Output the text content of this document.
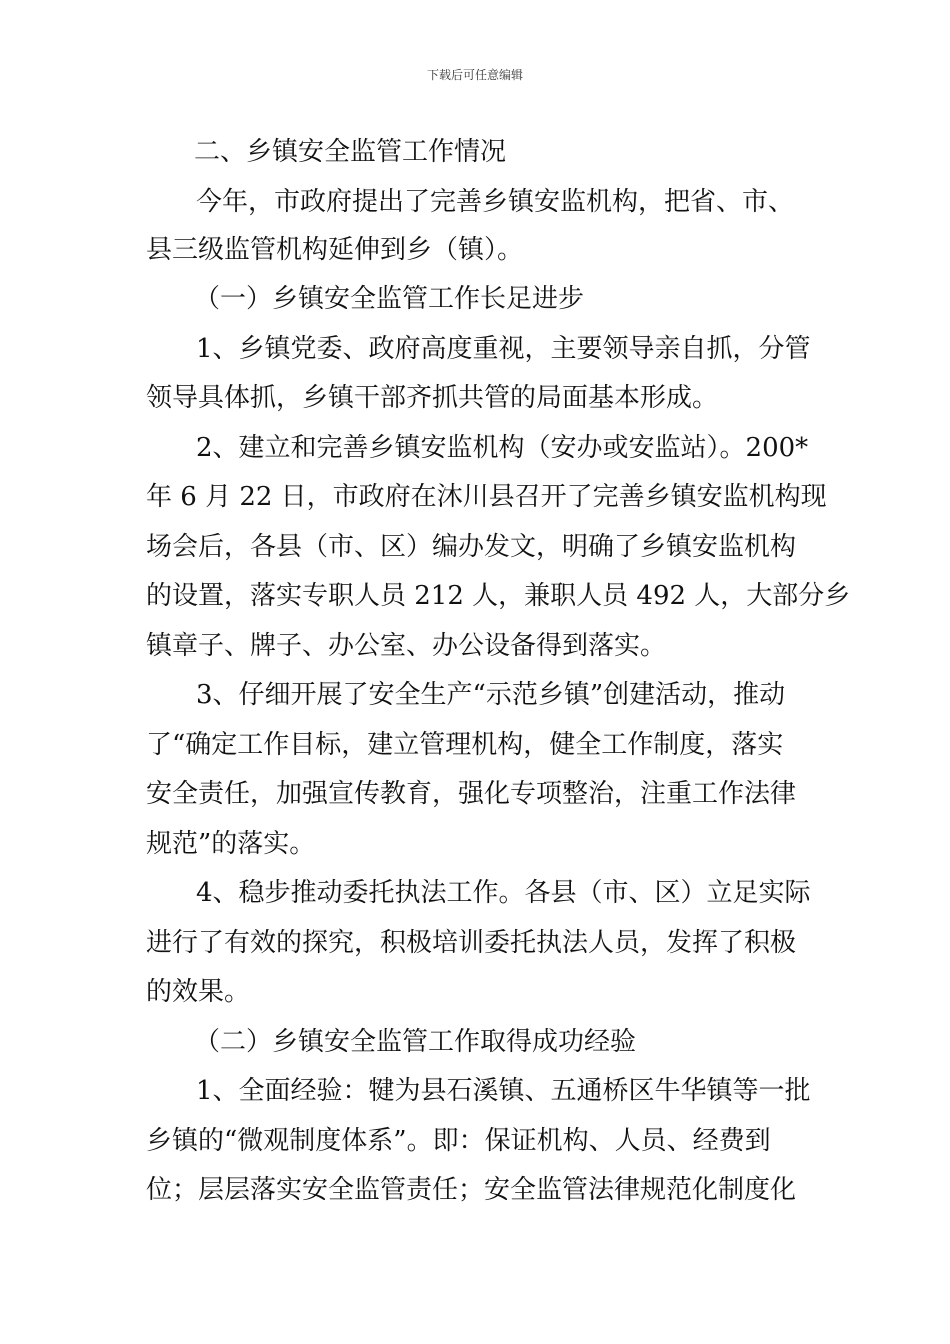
下载后可任意编辑
二、乡镇安全监管工作情况
今年，市政府提出了完善乡镇安监机构，把省、市、
县三级监管机构延伸到乡（镇）。
（一）乡镇安全监管工作长足进步
1、乡镇党委、政府高度重视，主要领导亲自抓，分管
领导具体抓，乡镇干部齐抓共管的局面基本形成。
2、建立和完善乡镇安监机构（安办或安监站）。200*
年 6 月 22 日，市政府在沐川县召开了完善乡镇安监机构现
场会后，各县（市、区）编办发文，明确了乡镇安监机构
的设置，落实专职人员 212 人，兼职人员 492 人，大部分乡
镇章子、牌子、办公室、办公设备得到落实。
3、仔细开展了安全生产“示范乡镇”创建活动，推动
了“确定工作目标，建立管理机构，健全工作制度，落实
安全责任，加强宣传教育，强化专项整治，注重工作法律
规范”的落实。
4、稳步推动委托执法工作。各县（市、区）立足实际
进行了有效的探究，积极培训委托执法人员，发挥了积极
的效果。
（二）乡镇安全监管工作取得成功经验
1、全面经验：犍为县石溪镇、五通桥区牛华镇等一批
乡镇的“微观制度体系”。即：保证机构、人员、经费到
位；层层落实安全监管责任；安全监管法律规范化制度化
